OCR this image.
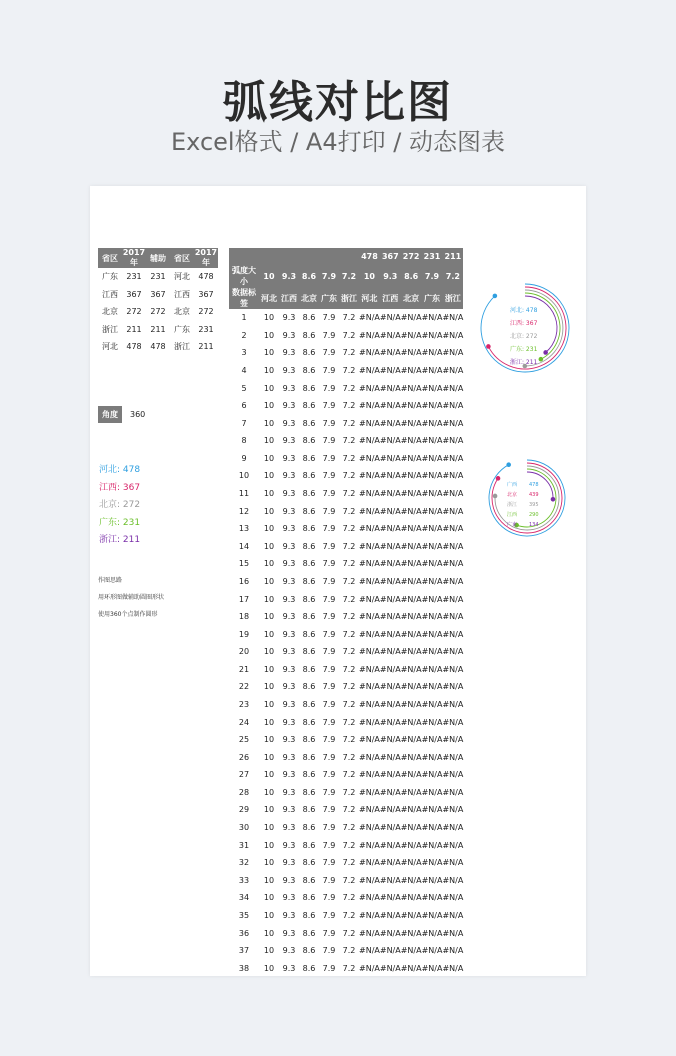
弧线对比图
Excel格式 / A4打印 / 动态图表
省区	2017年	辅助	省区	2017年
广东	231	231	河北	478
江西	367	367	江西	367
北京	272	272	北京	272
浙江	211	211	广东	231
河北	478	478	浙江	211
角度	360
河北: 478
江西: 367
北京: 272
广东: 231
浙江: 211
作图思路
用环形图做辅助圆圈形状
使用360个点制作圆形
						478	367	272	231	211
弧度大小	10	9.3	8.6	7.9	7.2	10	9.3	8.6	7.9	7.2
数据标签	河北	江西	北京	广东	浙江	河北	江西	北京	广东	浙江
1	10	9.3	8.6	7.9	7.2	#N/A	#N/A	#N/A	#N/A	#N/A
2	10	9.3	8.6	7.9	7.2	#N/A	#N/A	#N/A	#N/A	#N/A
3	10	9.3	8.6	7.9	7.2	#N/A	#N/A	#N/A	#N/A	#N/A
4	10	9.3	8.6	7.9	7.2	#N/A	#N/A	#N/A	#N/A	#N/A
5	10	9.3	8.6	7.9	7.2	#N/A	#N/A	#N/A	#N/A	#N/A
6	10	9.3	8.6	7.9	7.2	#N/A	#N/A	#N/A	#N/A	#N/A
7	10	9.3	8.6	7.9	7.2	#N/A	#N/A	#N/A	#N/A	#N/A
8	10	9.3	8.6	7.9	7.2	#N/A	#N/A	#N/A	#N/A	#N/A
9	10	9.3	8.6	7.9	7.2	#N/A	#N/A	#N/A	#N/A	#N/A
10	10	9.3	8.6	7.9	7.2	#N/A	#N/A	#N/A	#N/A	#N/A
11	10	9.3	8.6	7.9	7.2	#N/A	#N/A	#N/A	#N/A	#N/A
12	10	9.3	8.6	7.9	7.2	#N/A	#N/A	#N/A	#N/A	#N/A
13	10	9.3	8.6	7.9	7.2	#N/A	#N/A	#N/A	#N/A	#N/A
14	10	9.3	8.6	7.9	7.2	#N/A	#N/A	#N/A	#N/A	#N/A
15	10	9.3	8.6	7.9	7.2	#N/A	#N/A	#N/A	#N/A	#N/A
16	10	9.3	8.6	7.9	7.2	#N/A	#N/A	#N/A	#N/A	#N/A
17	10	9.3	8.6	7.9	7.2	#N/A	#N/A	#N/A	#N/A	#N/A
18	10	9.3	8.6	7.9	7.2	#N/A	#N/A	#N/A	#N/A	#N/A
19	10	9.3	8.6	7.9	7.2	#N/A	#N/A	#N/A	#N/A	#N/A
20	10	9.3	8.6	7.9	7.2	#N/A	#N/A	#N/A	#N/A	#N/A
21	10	9.3	8.6	7.9	7.2	#N/A	#N/A	#N/A	#N/A	#N/A
22	10	9.3	8.6	7.9	7.2	#N/A	#N/A	#N/A	#N/A	#N/A
23	10	9.3	8.6	7.9	7.2	#N/A	#N/A	#N/A	#N/A	#N/A
24	10	9.3	8.6	7.9	7.2	#N/A	#N/A	#N/A	#N/A	#N/A
25	10	9.3	8.6	7.9	7.2	#N/A	#N/A	#N/A	#N/A	#N/A
26	10	9.3	8.6	7.9	7.2	#N/A	#N/A	#N/A	#N/A	#N/A
27	10	9.3	8.6	7.9	7.2	#N/A	#N/A	#N/A	#N/A	#N/A
28	10	9.3	8.6	7.9	7.2	#N/A	#N/A	#N/A	#N/A	#N/A
29	10	9.3	8.6	7.9	7.2	#N/A	#N/A	#N/A	#N/A	#N/A
30	10	9.3	8.6	7.9	7.2	#N/A	#N/A	#N/A	#N/A	#N/A
31	10	9.3	8.6	7.9	7.2	#N/A	#N/A	#N/A	#N/A	#N/A
32	10	9.3	8.6	7.9	7.2	#N/A	#N/A	#N/A	#N/A	#N/A
33	10	9.3	8.6	7.9	7.2	#N/A	#N/A	#N/A	#N/A	#N/A
34	10	9.3	8.6	7.9	7.2	#N/A	#N/A	#N/A	#N/A	#N/A
35	10	9.3	8.6	7.9	7.2	#N/A	#N/A	#N/A	#N/A	#N/A
36	10	9.3	8.6	7.9	7.2	#N/A	#N/A	#N/A	#N/A	#N/A
37	10	9.3	8.6	7.9	7.2	#N/A	#N/A	#N/A	#N/A	#N/A
38	10	9.3	8.6	7.9	7.2	#N/A	#N/A	#N/A	#N/A	#N/A
河北: 478
江西: 367
北京: 272
广东: 231
浙江: 211
广西
北京
浙江
江西
广東
478
439
395
290
134
